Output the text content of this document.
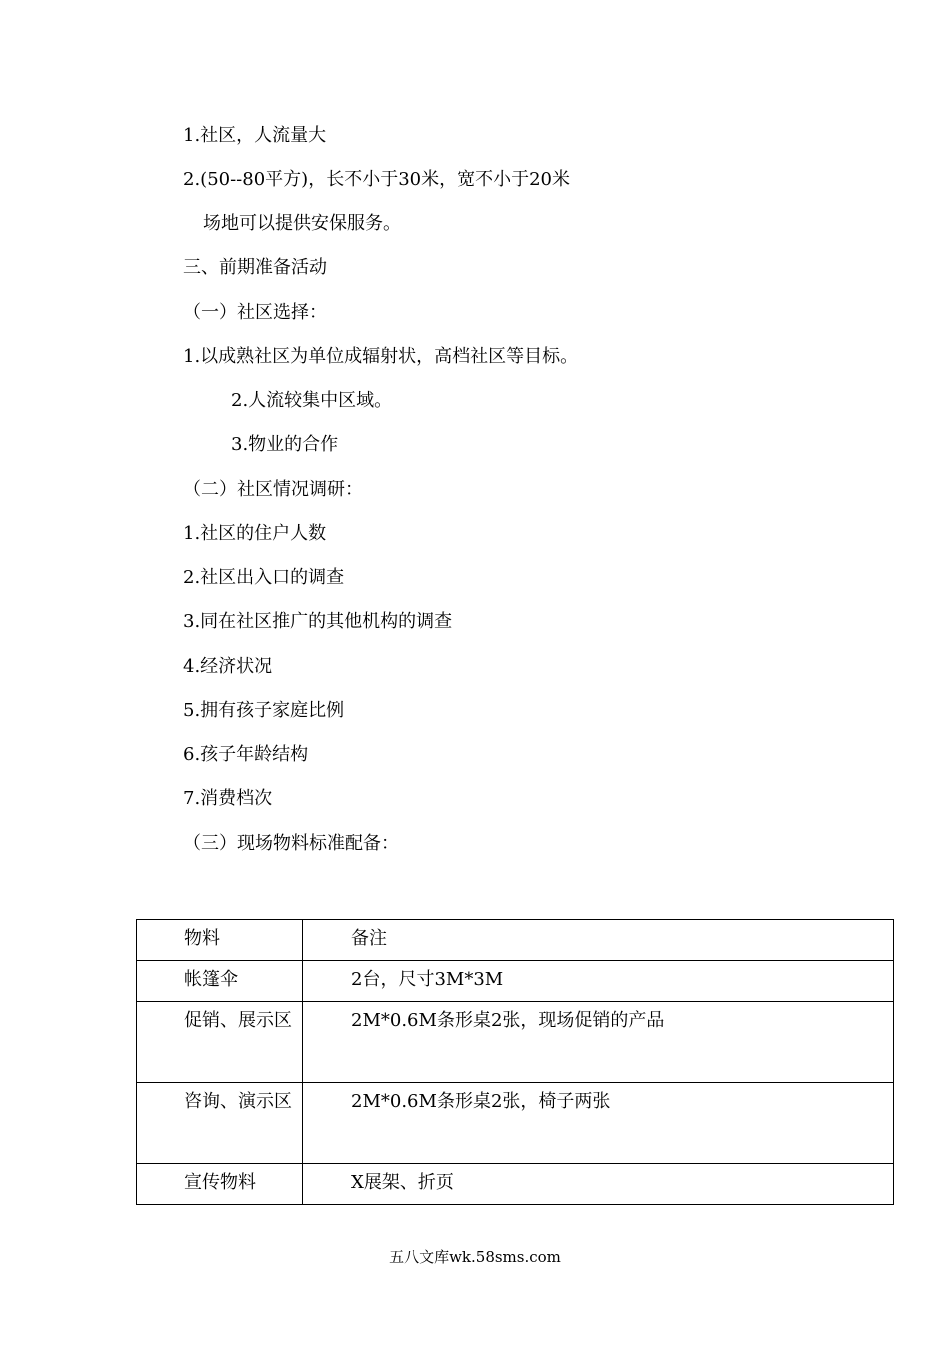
1.社区，人流量大
2.(50--80平方)，长不小于30米，宽不小于20米
场地可以提供安保服务。
三、前期准备活动
（一）社区选择：
1.以成熟社区为单位成辐射状，高档社区等目标。
2.人流较集中区域。
3.物业的合作
（二）社区情况调研：
1.社区的住户人数
2.社区出入口的调查
3.同在社区推广的其他机构的调查
4.经济状况
5.拥有孩子家庭比例
6.孩子年龄结构
7.消费档次
（三）现场物料标准配备：
物料	备注
帐篷伞	2台，尺寸3M*3M
促销、展示区	2M*0.6M条形桌2张，现场促销的产品
咨询、演示区	2M*0.6M条形桌2张，椅子两张
宣传物料	X展架、折页
五八文库wk.58sms.com
